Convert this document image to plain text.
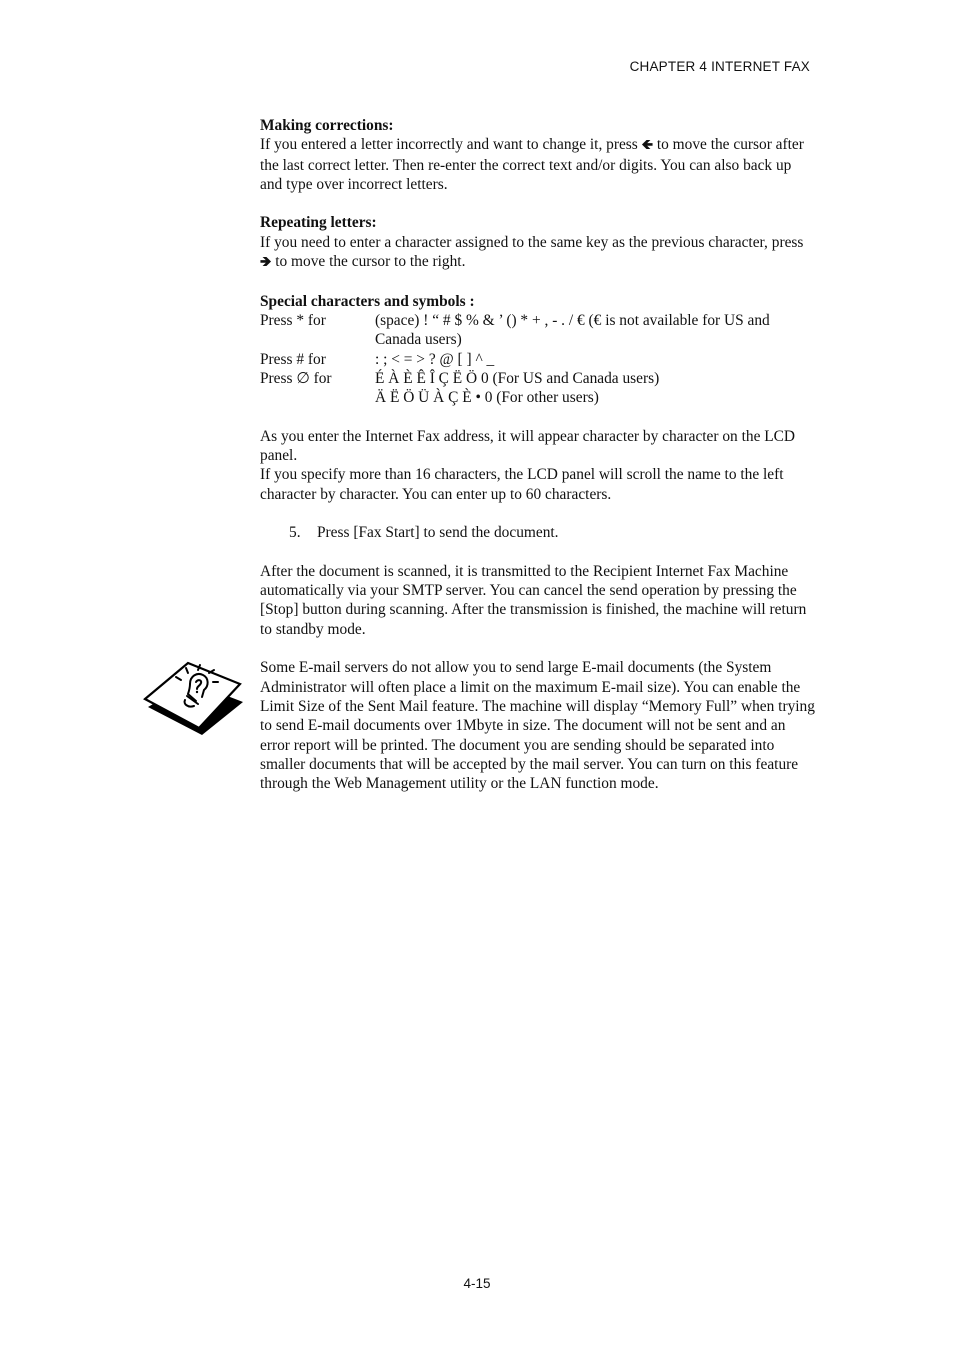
CHAPTER 4 INTERNET FAX

Making corrections:

If you entered a letter incorrectly and want to change it, press 🡸 to move the cursor after the last correct letter. Then re-enter the correct text and/or digits. You can also back up and type over incorrect letters.

Repeating letters:

If you need to enter a character assigned to the same key as the previous character, press 🡺 to move the cursor to the right.

Special characters and symbols :

Press * for	(space) ! “ # $ % & ’ () * + , - . / € (€ is not available for US and Canada users)
Press # for	: ; < = > ? @ [ ] ^ _
Press ∅ for	É À È Ê Î Ç Ë Ö 0 (For US and Canada users)
Ä Ë Ö Ü À Ç È • 0 (For other users)

As you enter the Internet Fax address, it will appear character by character on the LCD panel.

If you specify more than 16 characters, the LCD panel will scroll the name to the left character by character. You can enter up to 60 characters.

5. Press [Fax Start] to send the document.

After the document is scanned, it is transmitted to the Recipient Internet Fax Machine automatically via your SMTP server. You can cancel the send operation by pressing the [Stop] button during scanning. After the transmission is finished, the machine will return to standby mode.

Some E-mail servers do not allow you to send large E-mail documents (the System Administrator will often place a limit on the maximum E-mail size). You can enable the Limit Size of the Sent Mail feature. The machine will display “Memory Full” when trying to send E-mail documents over 1Mbyte in size. The document will not be sent and an error report will be printed. The document you are sending should be separated into smaller documents that will be accepted by the mail server. You can turn on this feature through the Web Management utility or the LAN function mode.

4-15
